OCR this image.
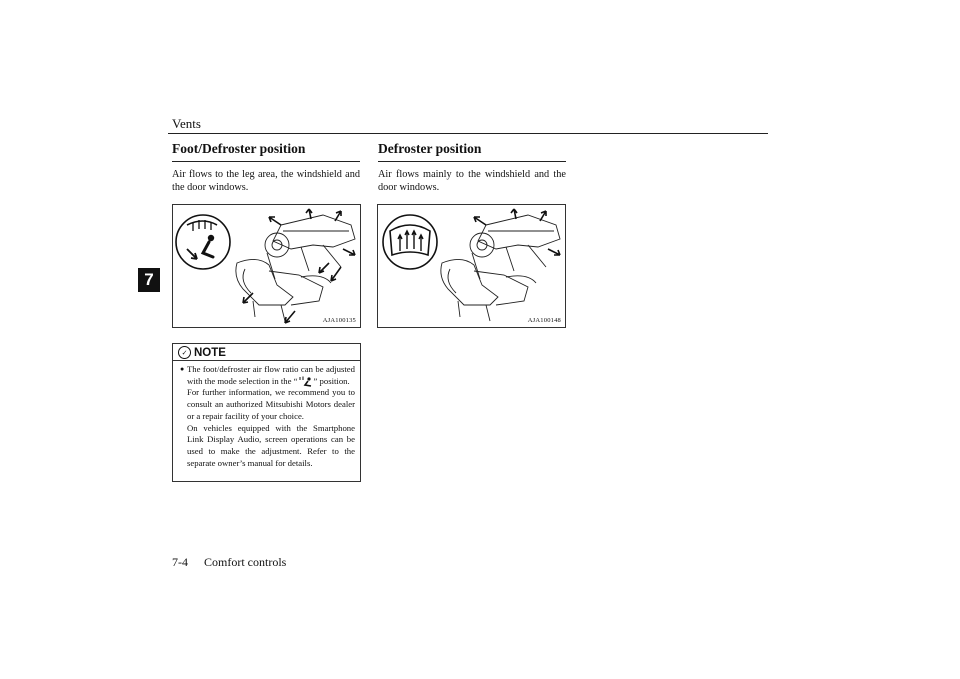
Vents
7
Foot/Defroster position
Air flows to the leg area, the windshield and the door windows.
AJA100135
✓ NOTE
● The foot/defroster air flow ratio can be adjusted with the mode selection in the “ ” position.

For further information, we recommend you to consult an authorized Mitsubishi Motors dealer or a repair facility of your choice.

On vehicles equipped with the Smartphone Link Display Audio, screen operations can be used to make the adjustment. Refer to the separate owner’s manual for details.

Defroster position
Air flows mainly to the windshield and the door windows.
AJA100148
7-4 Comfort controls
